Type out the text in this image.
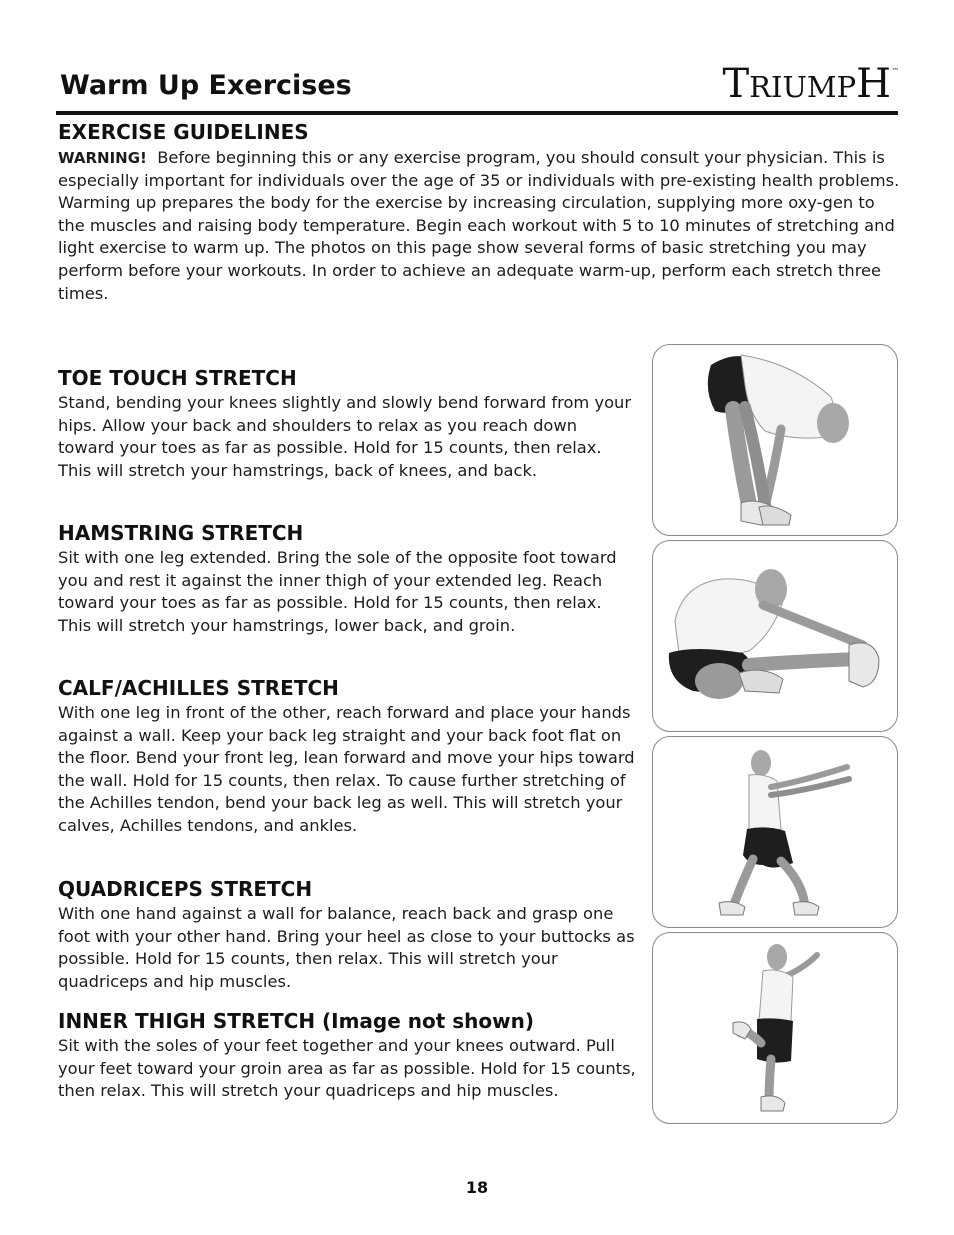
Warm Up Exercises	TRIUMPH™
EXERCISE GUIDELINES

WARNING! Before beginning this or any exercise program, you should consult your physician. This is especially important for individuals over the age of 35 or individuals with pre-existing health problems.

Warming up prepares the body for the exercise by increasing circulation, supplying more oxy-gen to the muscles and raising body temperature. Begin each workout with 5 to 10 minutes of stretching and light exercise to warm up. The photos on this page show several forms of basic stretching you may perform before your workouts. In order to achieve an adequate warm-up, perform each stretch three times.

TOE TOUCH STRETCH

Stand, bending your knees slightly and slowly bend forward from your hips. Allow your back and shoulders to relax as you reach down toward your toes as far as possible. Hold for 15 counts, then relax. This will stretch your hamstrings, back of knees, and back.

HAMSTRING STRETCH

Sit with one leg extended. Bring the sole of the opposite foot toward you and rest it against the inner thigh of your extended leg. Reach toward your toes as far as possible. Hold for 15 counts, then relax. This will stretch your hamstrings, lower back, and groin.

CALF/ACHILLES STRETCH

With one leg in front of the other, reach forward and place your hands against a wall. Keep your back leg straight and your back foot flat on the floor. Bend your front leg, lean forward and move your hips toward the wall. Hold for 15 counts, then relax. To cause further stretching of the Achilles tendon, bend your back leg as well. This will stretch your calves, Achilles tendons, and ankles.

QUADRICEPS STRETCH

With one hand against a wall for balance, reach back and grasp one foot with your other hand. Bring your heel as close to your buttocks as possible. Hold for 15 counts, then relax. This will stretch your quadriceps and hip muscles.

INNER THIGH STRETCH (Image not shown)

Sit with the soles of your feet together and your knees outward. Pull your feet toward your groin area as far as possible. Hold for 15 counts, then relax. This will stretch your quadriceps and hip muscles.

18
